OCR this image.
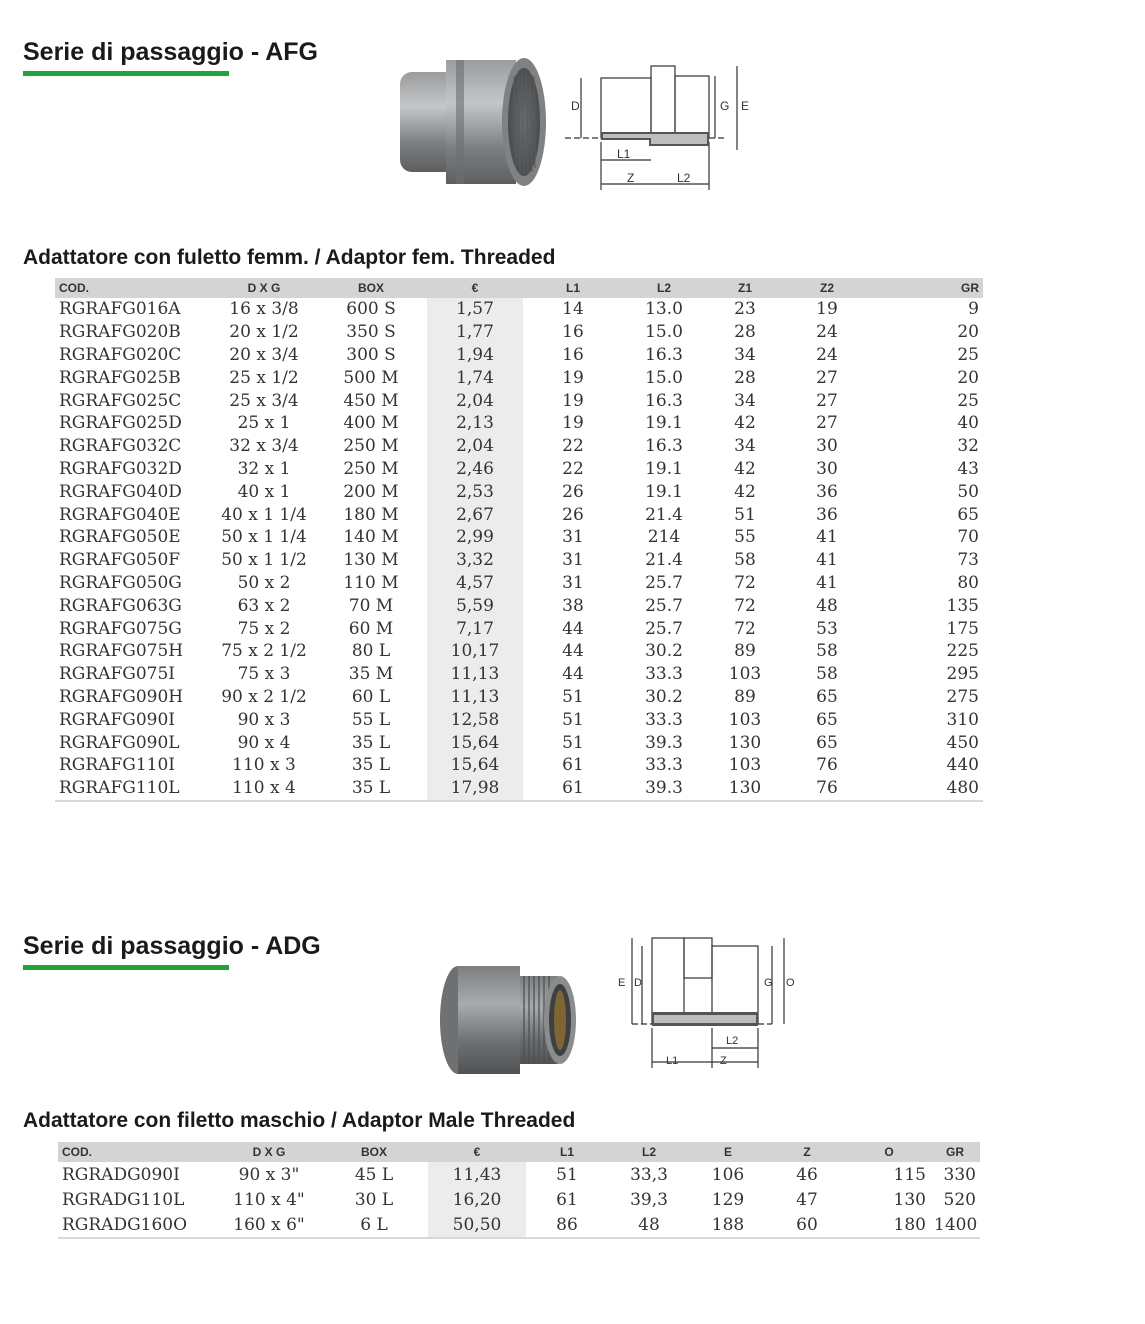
Serie di passaggio - AFG
D	G E
L1
Z	L2
Adattatore con fuletto femm. / Adaptor fem. Threaded
COD.	D X G	BOX	€	L1	L2	Z1	Z2	GR
RGRAFG016A	16 x 3/8	600 S	1,57	14	13.0	23	19	9
RGRAFG020B	20 x 1/2	350 S	1,77	16	15.0	28	24	20
RGRAFG020C	20 x 3/4	300 S	1,94	16	16.3	34	24	25
RGRAFG025B	25 x 1/2	500 M	1,74	19	15.0	28	27	20
RGRAFG025C	25 x 3/4	450 M	2,04	19	16.3	34	27	25
RGRAFG025D	25 x 1	400 M	2,13	19	19.1	42	27	40
RGRAFG032C	32 x 3/4	250 M	2,04	22	16.3	34	30	32
RGRAFG032D	32 x 1	250 M	2,46	22	19.1	42	30	43
RGRAFG040D	40 x 1	200 M	2,53	26	19.1	42	36	50
RGRAFG040E	40 x 1 1/4	180 M	2,67	26	21.4	51	36	65
RGRAFG050E	50 x 1 1/4	140 M	2,99	31	214	55	41	70
RGRAFG050F	50 x 1 1/2	130 M	3,32	31	21.4	58	41	73
RGRAFG050G	50 x 2	110 M	4,57	31	25.7	72	41	80
RGRAFG063G	63 x 2	70 M	5,59	38	25.7	72	48	135
RGRAFG075G	75 x 2	60 M	7,17	44	25.7	72	53	175
RGRAFG075H	75 x 2 1/2	80 L	10,17	44	30.2	89	58	225
RGRAFG075I	75 x 3	35 M	11,13	44	33.3	103	58	295
RGRAFG090H	90 x 2 1/2	60 L	11,13	51	30.2	89	65	275
RGRAFG090I	90 x 3	55 L	12,58	51	33.3	103	65	310
RGRAFG090L	90 x 4	35 L	15,64	51	39.3	130	65	450
RGRAFG110I	110 x 3	35 L	15,64	61	33.3	103	76	440
RGRAFG110L	110 x 4	35 L	17,98	61	39.3	130	76	480
Serie di passaggio - ADG
E D	G O
L2
L1	Z
Adattatore con filetto maschio / Adaptor Male Threaded
COD.	D X G	BOX	€	L1	L2	E	Z	O	GR
RGRADG090I	90 x 3"	45 L	11,43	51	33,3	106	46	115	330
RGRADG110L	110 x 4"	30 L	16,20	61	39,3	129	47	130	520
RGRADG160O	160 x 6"	6 L	50,50	86	48	188	60	180	1400
